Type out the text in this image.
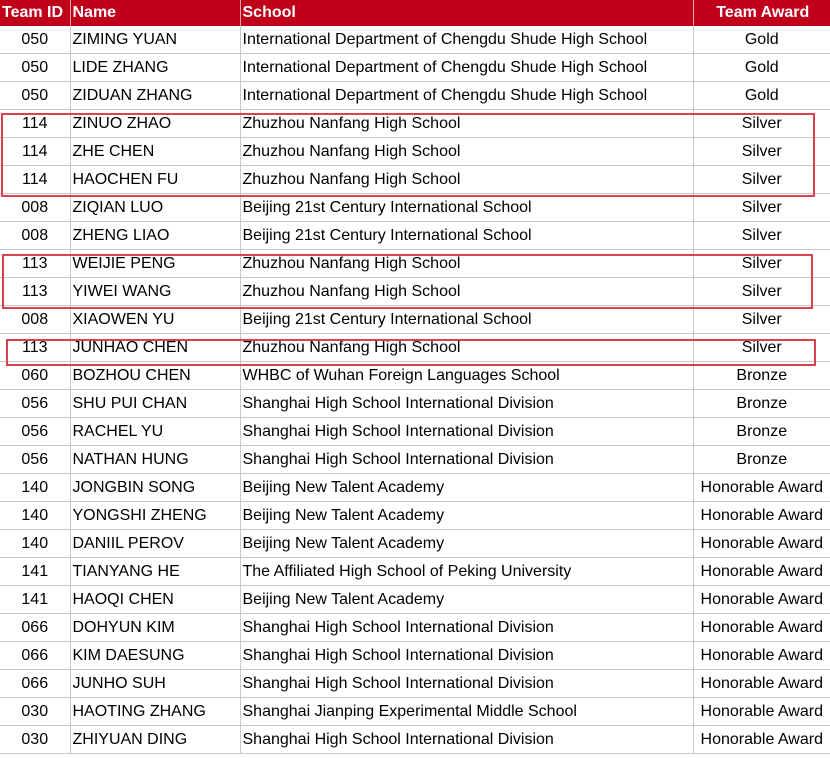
Team ID	Name	School	Team Award
050	ZIMING YUAN	International Department of Chengdu Shude High School	Gold
050	LIDE ZHANG	International Department of Chengdu Shude High School	Gold
050	ZIDUAN ZHANG	International Department of Chengdu Shude High School	Gold
114	ZINUO ZHAO	Zhuzhou Nanfang High School	Silver
114	ZHE CHEN	Zhuzhou Nanfang High School	Silver
114	HAOCHEN FU	Zhuzhou Nanfang High School	Silver
008	ZIQIAN LUO	Beijing 21st Century International School	Silver
008	ZHENG LIAO	Beijing 21st Century International School	Silver
113	WEIJIE PENG	Zhuzhou Nanfang High School	Silver
113	YIWEI WANG	Zhuzhou Nanfang High School	Silver
008	XIAOWEN YU	Beijing 21st Century International School	Silver
113	JUNHAO CHEN	Zhuzhou Nanfang High School	Silver
060	BOZHOU CHEN	WHBC of Wuhan Foreign Languages School	Bronze
056	SHU PUI CHAN	Shanghai High School International Division	Bronze
056	RACHEL YU	Shanghai High School International Division	Bronze
056	NATHAN HUNG	Shanghai High School International Division	Bronze
140	JONGBIN SONG	Beijing New Talent Academy	Honorable Award
140	YONGSHI ZHENG	Beijing New Talent Academy	Honorable Award
140	DANIIL PEROV	Beijing New Talent Academy	Honorable Award
141	TIANYANG HE	The Affiliated High School of Peking University	Honorable Award
141	HAOQI CHEN	Beijing New Talent Academy	Honorable Award
066	DOHYUN KIM	Shanghai High School International Division	Honorable Award
066	KIM DAESUNG	Shanghai High School International Division	Honorable Award
066	JUNHO SUH	Shanghai High School International Division	Honorable Award
030	HAOTING ZHANG	Shanghai Jianping Experimental Middle School	Honorable Award
030	ZHIYUAN DING	Shanghai High School International Division	Honorable Award
